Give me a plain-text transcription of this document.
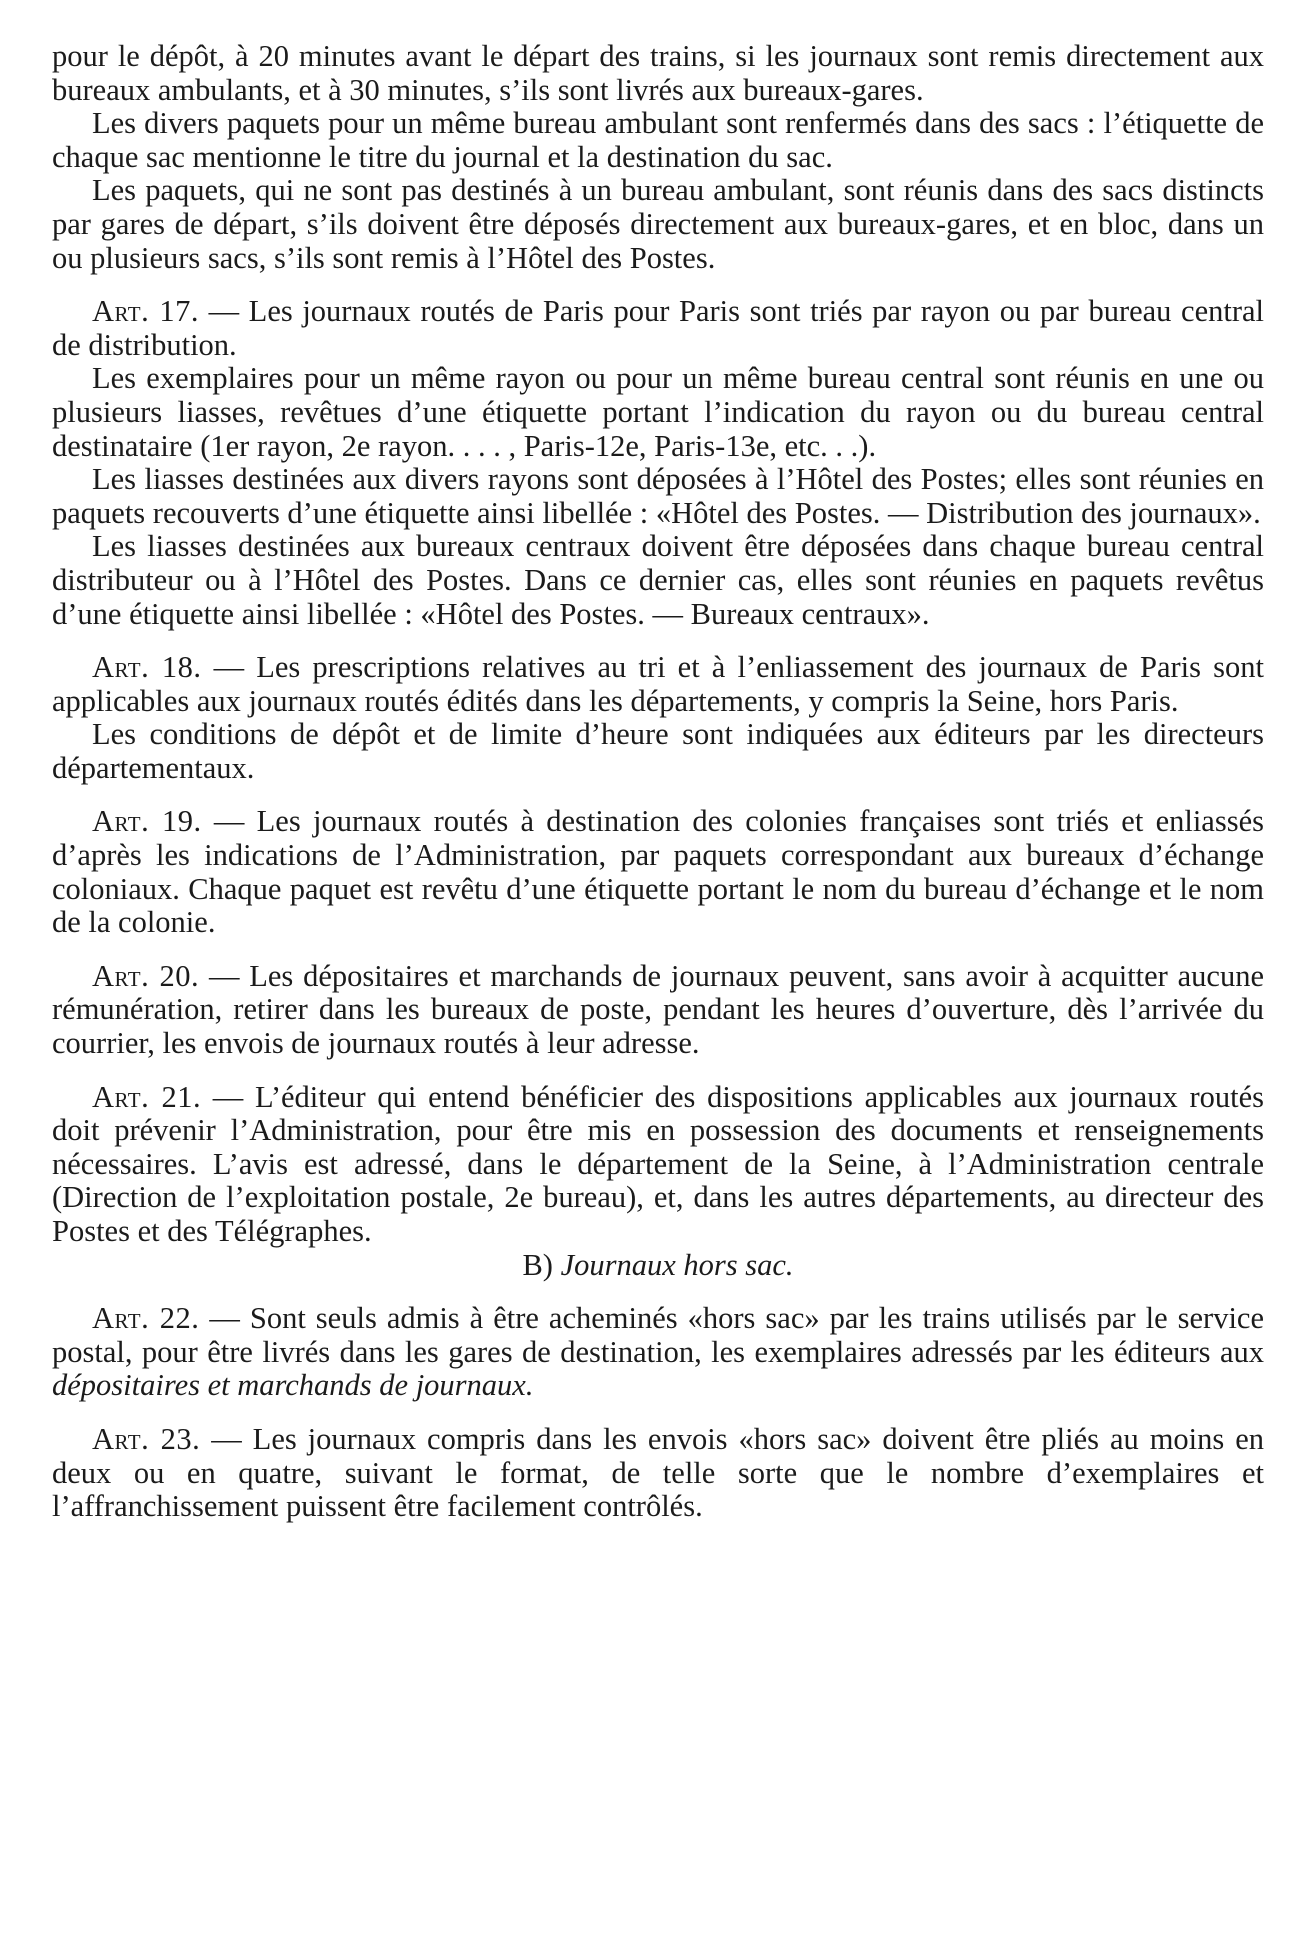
pour le dépôt, à 20 minutes avant le départ des trains, si les journaux sont remis directement aux bureaux ambulants, et à 30 minutes, s’ils sont livrés aux bureaux-gares.

Les divers paquets pour un même bureau ambulant sont renfermés dans des sacs : l’étiquette de chaque sac mentionne le titre du journal et la destination du sac.

Les paquets, qui ne sont pas destinés à un bureau ambulant, sont réunis dans des sacs distincts par gares de départ, s’ils doivent être déposés directement aux bureaux-gares, et en bloc, dans un ou plusieurs sacs, s’ils sont remis à l’Hôtel des Postes.

Art. 17. — Les journaux routés de Paris pour Paris sont triés par rayon ou par bureau central de distribution.

Les exemplaires pour un même rayon ou pour un même bureau central sont réunis en une ou plusieurs liasses, revêtues d’une étiquette portant l’indication du rayon ou du bureau central destinataire (1er rayon, 2e rayon. . . . , Paris-12e, Paris-13e, etc. . .).

Les liasses destinées aux divers rayons sont déposées à l’Hôtel des Postes; elles sont réunies en paquets recouverts d’une étiquette ainsi libellée : «Hôtel des Postes. — Distribution des journaux».

Les liasses destinées aux bureaux centraux doivent être déposées dans chaque bureau central distributeur ou à l’Hôtel des Postes. Dans ce dernier cas, elles sont réunies en paquets revêtus d’une étiquette ainsi libellée : «Hôtel des Postes. — Bureaux centraux».

Art. 18. — Les prescriptions relatives au tri et à l’enliassement des journaux de Paris sont applicables aux journaux routés édités dans les départements, y compris la Seine, hors Paris.

Les conditions de dépôt et de limite d’heure sont indiquées aux éditeurs par les directeurs départementaux.

Art. 19. — Les journaux routés à destination des colonies françaises sont triés et enliassés d’après les indications de l’Administration, par paquets correspondant aux bureaux d’échange coloniaux. Chaque paquet est revêtu d’une étiquette portant le nom du bureau d’échange et le nom de la colonie.

Art. 20. — Les dépositaires et marchands de journaux peuvent, sans avoir à acquitter aucune rémunération, retirer dans les bureaux de poste, pendant les heures d’ouverture, dès l’arrivée du courrier, les envois de journaux routés à leur adresse.

Art. 21. — L’éditeur qui entend bénéficier des dispositions applicables aux journaux routés doit prévenir l’Administration, pour être mis en possession des documents et renseignements nécessaires. L’avis est adressé, dans le département de la Seine, à l’Administration centrale (Direction de l’exploitation postale, 2e bureau), et, dans les autres départements, au directeur des Postes et des Télégraphes.

B) Journaux hors sac.

Art. 22. — Sont seuls admis à être acheminés «hors sac» par les trains utilisés par le service postal, pour être livrés dans les gares de destination, les exemplaires adressés par les éditeurs aux dépositaires et marchands de journaux.

Art. 23. — Les journaux compris dans les envois «hors sac» doivent être pliés au moins en deux ou en quatre, suivant le format, de telle sorte que le nombre d’exemplaires et l’affranchissement puissent être facilement contrôlés.
